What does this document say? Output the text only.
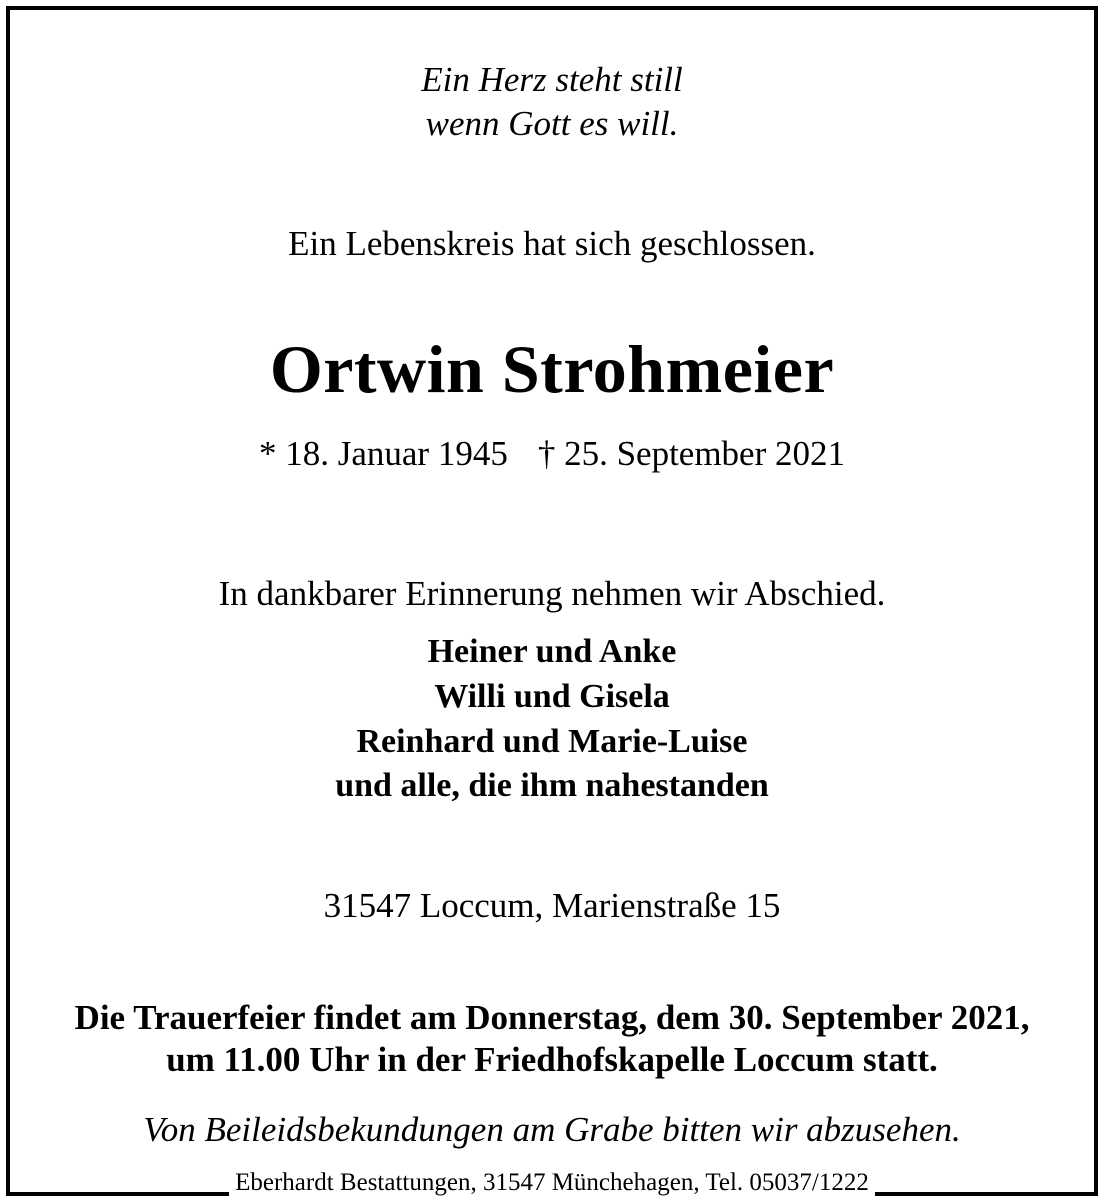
Ein Herz steht still
wenn Gott es will.
Ein Lebenskreis hat sich geschlossen.
Ortwin Strohmeier
* 18. Januar 1945 † 25. September 2021
In dankbarer Erinnerung nehmen wir Abschied.
Heiner und Anke
Willi und Gisela
Reinhard und Marie-Luise
und alle, die ihm nahestanden
31547 Loccum, Marienstraße 15
Die Trauerfeier findet am Donnerstag, dem 30. September 2021,
um 11.00 Uhr in der Friedhofskapelle Loccum statt.
Von Beileidsbekundungen am Grabe bitten wir abzusehen.
Eberhardt Bestattungen, 31547 Münchehagen, Tel. 05037/1222
